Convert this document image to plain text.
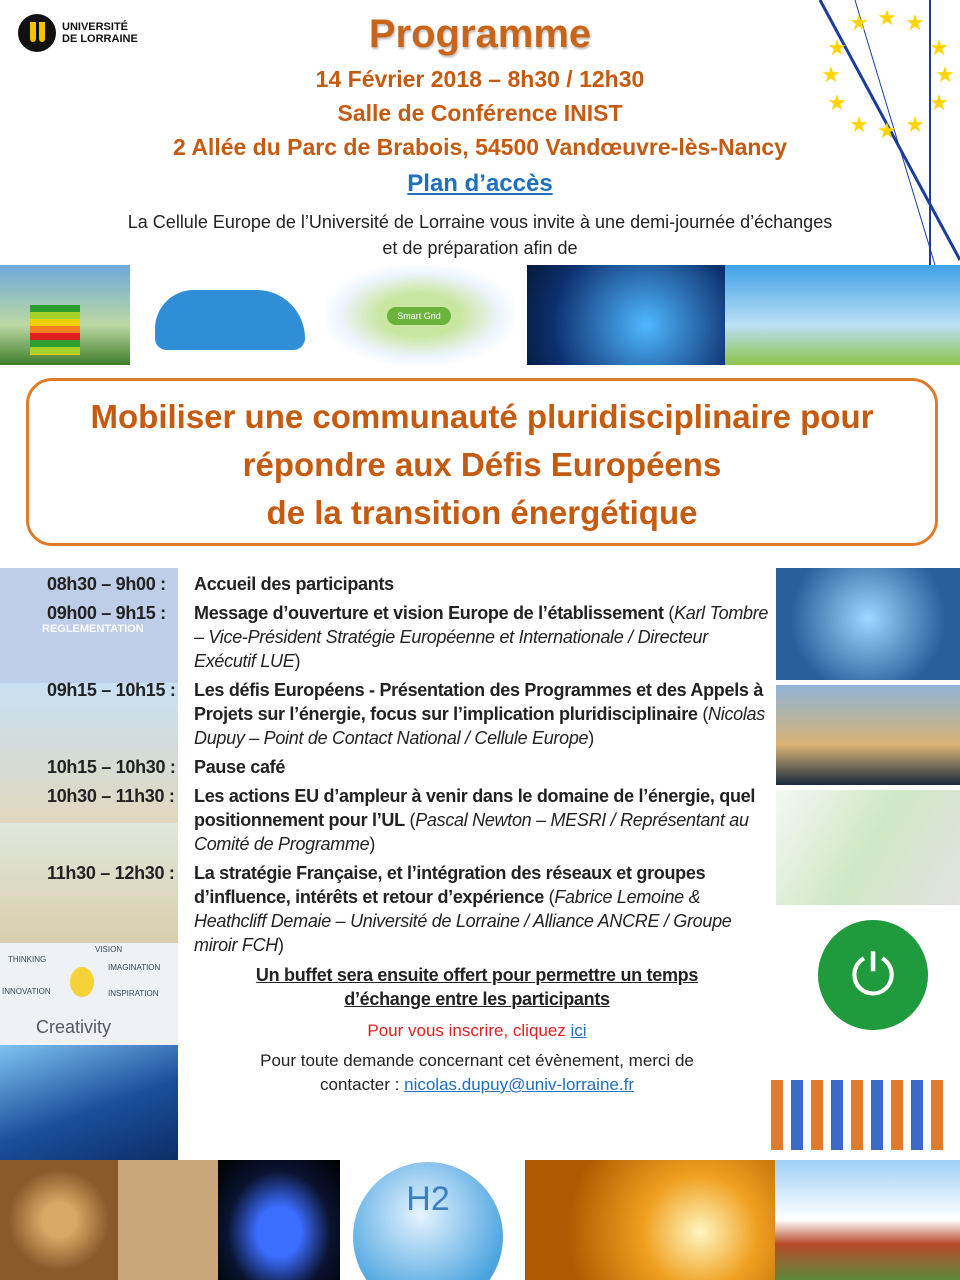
UNIVERSITÉ
DE LORRAINE	Programme
14 Février 2018 – 8h30 / 12h30
Salle de Conférence INIST
2 Allée du Parc de Brabois, 54500 Vandœuvre-lès-Nancy
Plan d’accès
La Cellule Europe de l’Université de Lorraine vous invite à une demi-journée d’échanges
et de préparation afin de
★ ★ ★
★	★
★	★
★	★
★ ★ ★
Smart Grid
Mobiliser une communauté pluridisciplinaire pour
répondre aux Défis Européens
de la transition énergétique
REGLEMENTATION
THINKING
VISION
IMAGINATION
INNOVATION	INSPIRATION
Creativity
⏻
08h30 – 9h00 :	Accueil des participants
09h00 – 9h15 :	Message d’ouverture et vision Europe de l’établissement (Karl Tombre – Vice-Président Stratégie Européenne et Internationale / Directeur Exécutif LUE)
09h15 – 10h15 :	Les défis Européens - Présentation des Programmes et des Appels à Projets sur l’énergie, focus sur l’implication pluridisciplinaire (Nicolas Dupuy – Point de Contact National / Cellule Europe)
10h15 – 10h30 :	Pause café
10h30 – 11h30 :	Les actions EU d’ampleur à venir dans le domaine de l’énergie, quel positionnement pour l’UL (Pascal Newton – MESRI / Représentant au Comité de Programme)
11h30 – 12h30 :	La stratégie Française, et l’intégration des réseaux et groupes d’influence, intérêts et retour d’expérience (Fabrice Lemoine & Heathcliff Demaie – Université de Lorraine / Alliance ANCRE / Groupe miroir FCH)
Un buffet sera ensuite offert pour permettre un temps
d’échange entre les participants
Pour vous inscrire, cliquez ici
Pour toute demande concernant cet évènement, merci de
contacter : nicolas.dupuy@univ-lorraine.fr
H2
